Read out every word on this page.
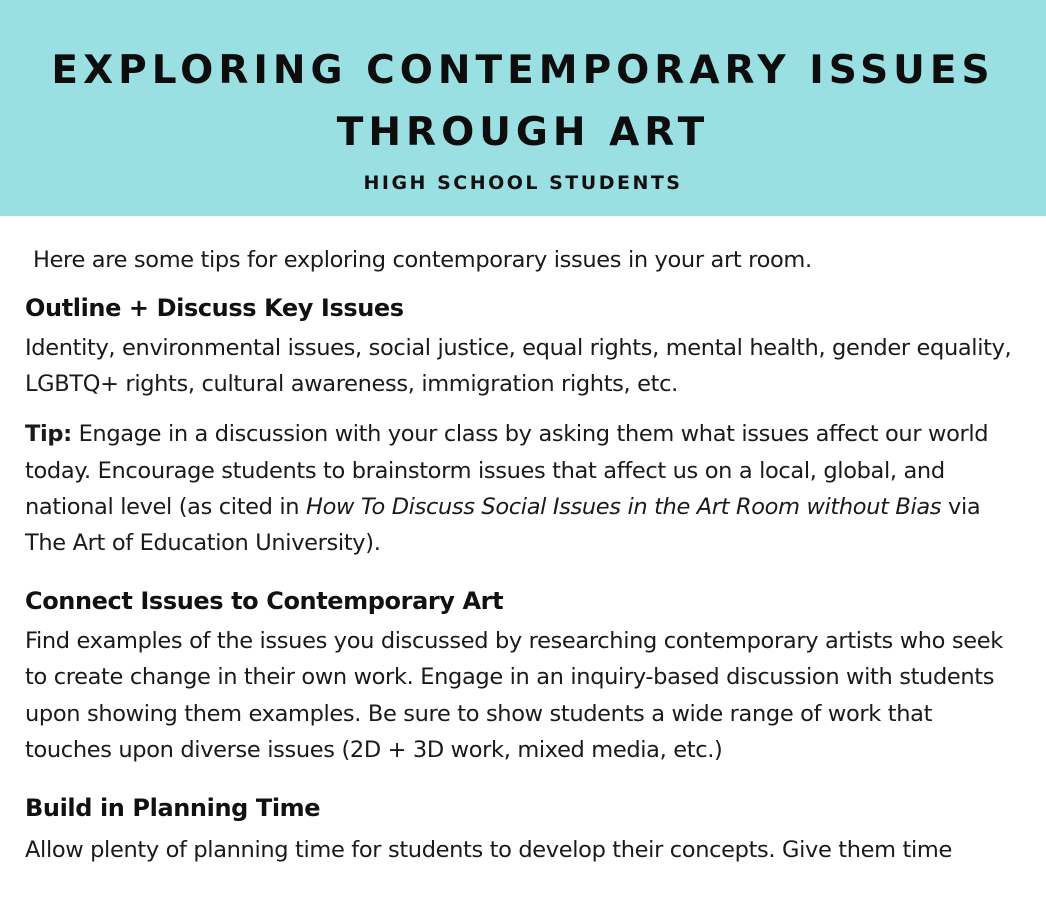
EXPLORING CONTEMPORARY ISSUES
THROUGH ART
HIGH SCHOOL STUDENTS

Here are some tips for exploring contemporary issues in your art room.

Outline + Discuss Key Issues

Identity, environmental issues, social justice, equal rights, mental health, gender equality, LGBTQ+ rights, cultural awareness, immigration rights, etc.

Tip: Engage in a discussion with your class by asking them what issues affect our world today. Encourage students to brainstorm issues that affect us on a local, global, and national level (as cited in How To Discuss Social Issues in the Art Room without Bias via The Art of Education University).

Connect Issues to Contemporary Art

Find examples of the issues you discussed by researching contemporary artists who seek to create change in their own work. Engage in an inquiry-based discussion with students upon showing them examples. Be sure to show students a wide range of work that touches upon diverse issues (2D + 3D work, mixed media, etc.)

Build in Planning Time

Allow plenty of planning time for students to develop their concepts. Give them time
